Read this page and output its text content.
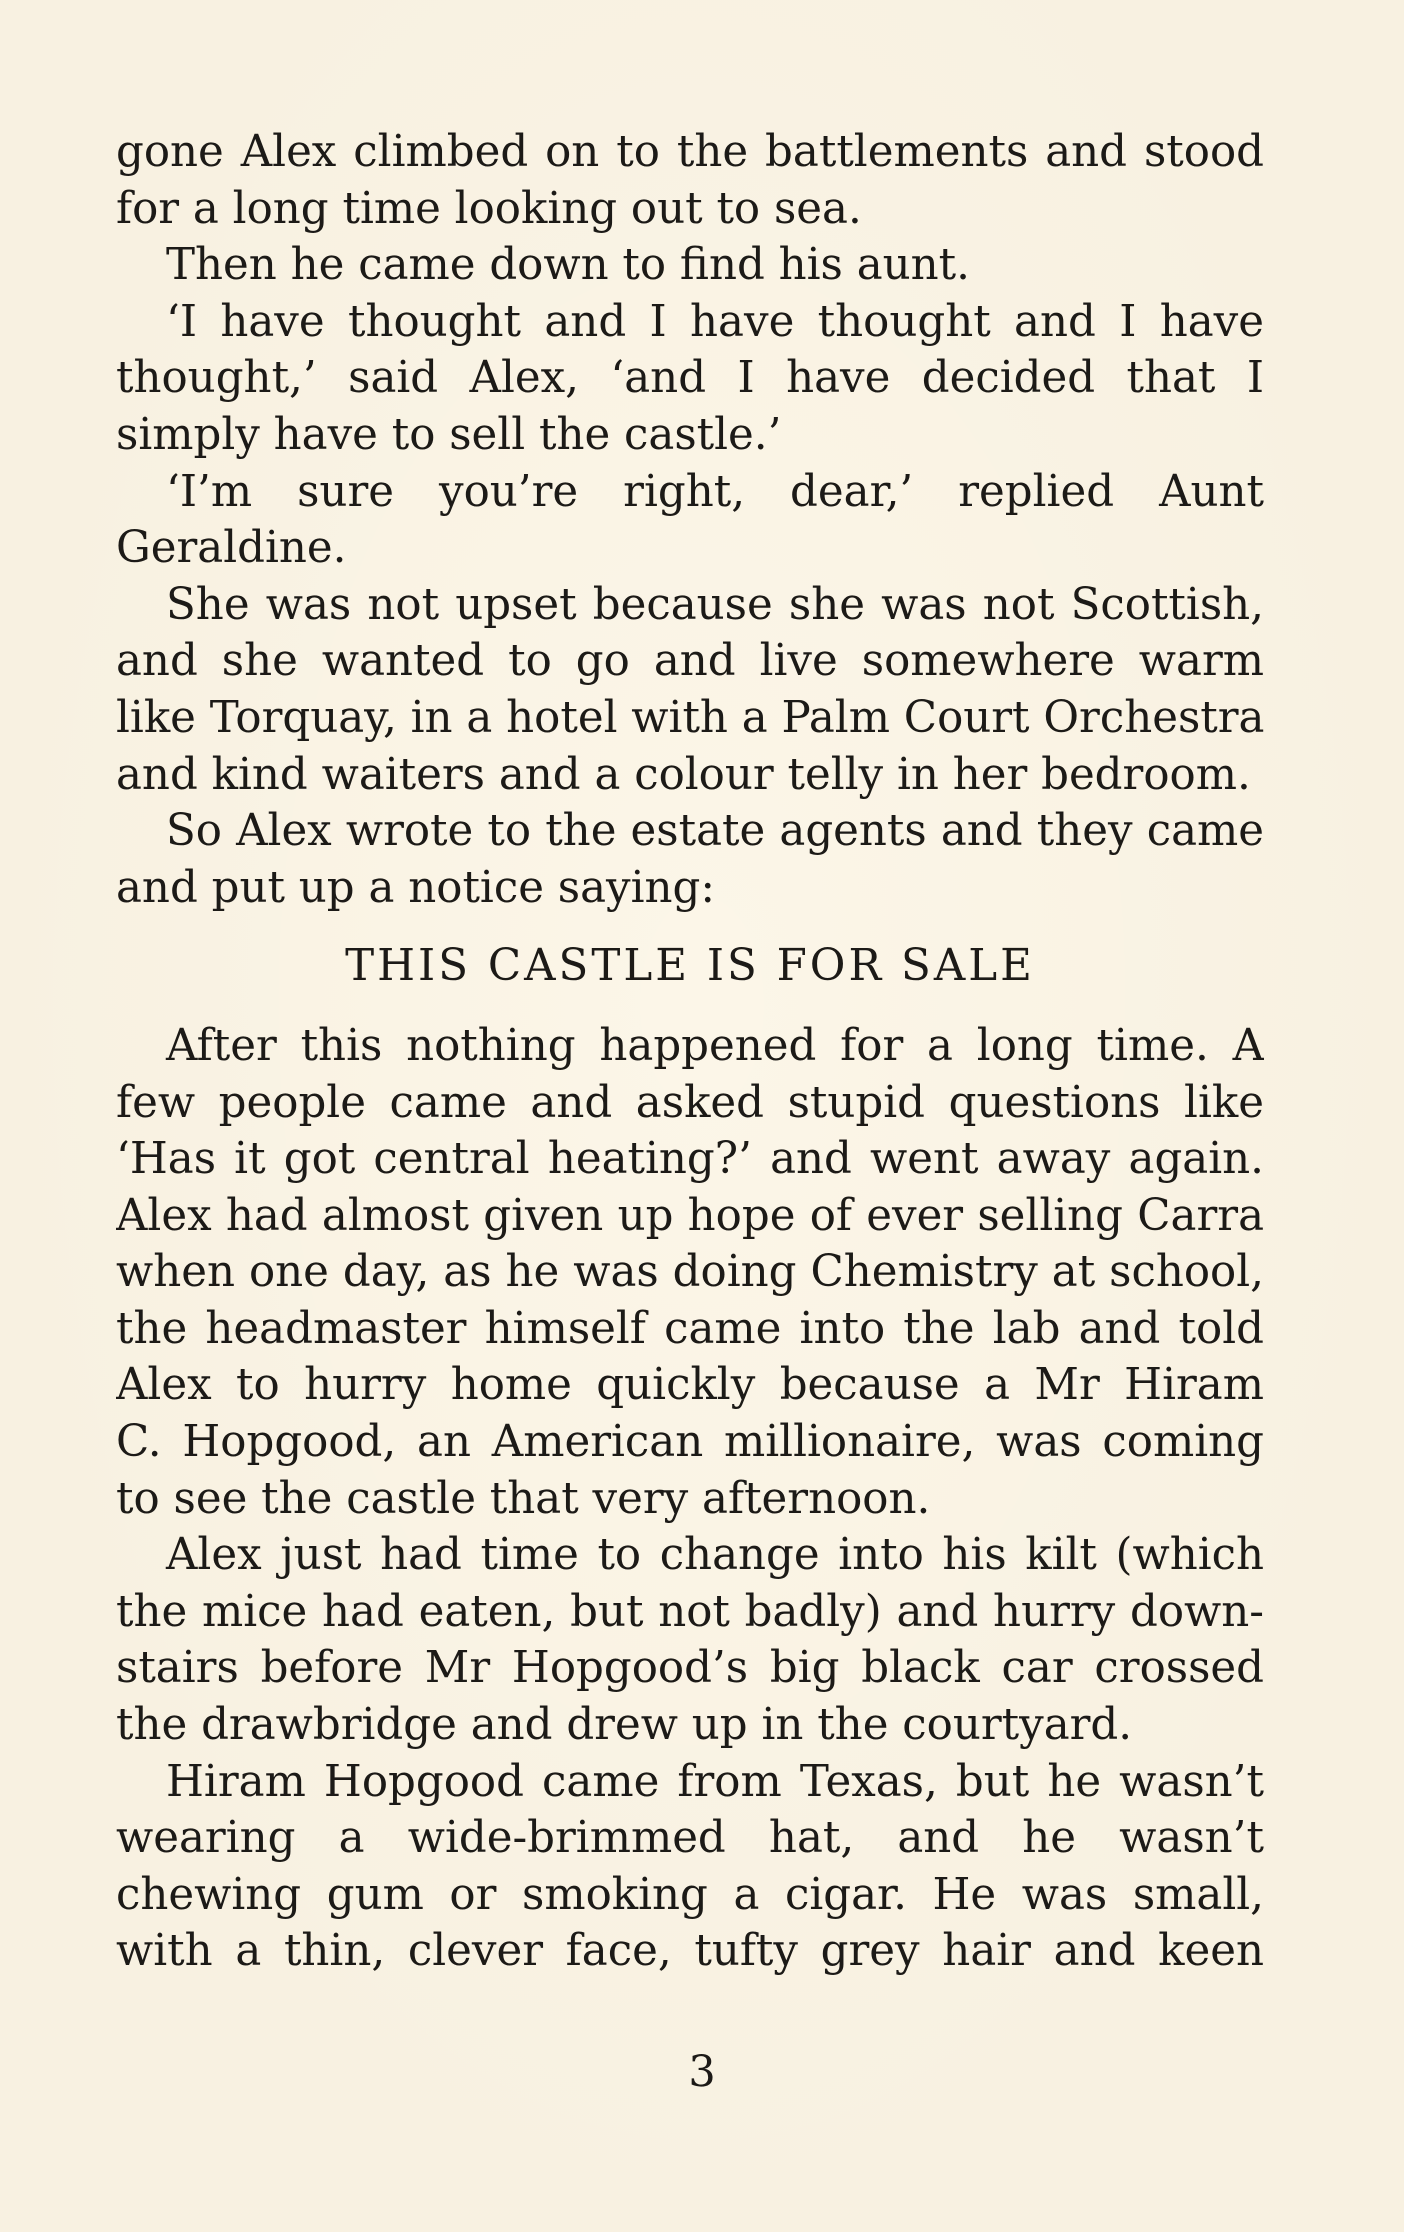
gone Alex climbed on to the battlements and stood
for a long time looking out to sea.
Then he came down to find his aunt.
‘I have thought and I have thought and I have
thought,’ said Alex, ‘and I have decided that I
simply have to sell the castle.’
‘I’m sure you’re right, dear,’ replied Aunt
Geraldine.
She was not upset because she was not Scottish,
and she wanted to go and live somewhere warm
like Torquay, in a hotel with a Palm Court Orchestra
and kind waiters and a colour telly in her bedroom.
So Alex wrote to the estate agents and they came
and put up a notice saying:
THIS CASTLE IS FOR SALE
After this nothing happened for a long time. A
few people came and asked stupid questions like
‘Has it got central heating?’ and went away again.
Alex had almost given up hope of ever selling Carra
when one day, as he was doing Chemistry at school,
the headmaster himself came into the lab and told
Alex to hurry home quickly because a Mr Hiram
C. Hopgood, an American millionaire, was coming
to see the castle that very afternoon.
Alex just had time to change into his kilt (which
the mice had eaten, but not badly) and hurry down-
stairs before Mr Hopgood’s big black car crossed
the drawbridge and drew up in the courtyard.
Hiram Hopgood came from Texas, but he wasn’t
wearing a wide-brimmed hat, and he wasn’t
chewing gum or smoking a cigar. He was small,
with a thin, clever face, tufty grey hair and keen
3
